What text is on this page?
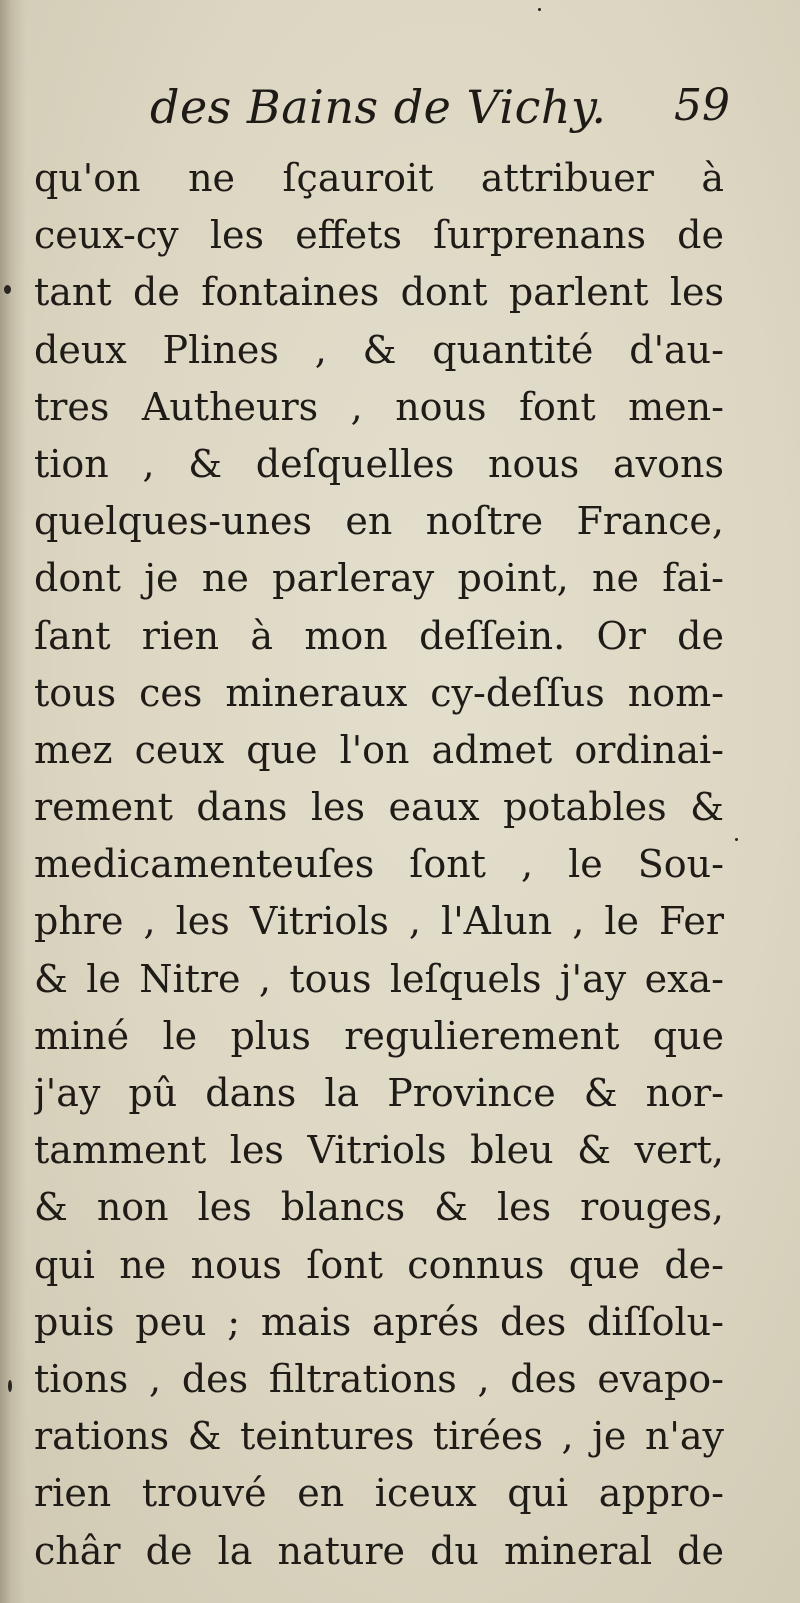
des Bains de Vichy. 59
qu'on ne ſçauroit attribuer à
ceux-cy les effets ſurprenans de
tant de fontaines dont parlent les
deux Plines , & quantité d'au-
tres Autheurs , nous font men-
tion , & deſquelles nous avons
quelques-unes en noſtre France,
dont je ne parleray point, ne fai-
ſant rien à mon deſſein. Or de
tous ces mineraux cy-deſſus nom-
mez ceux que l'on admet ordinai-
rement dans les eaux potables &
medicamenteuſes ſont , le Sou-
phre , les Vitriols , l'Alun , le Fer
& le Nitre , tous leſquels j'ay exa-
miné le plus regulierement que
j'ay pû dans la Province & nor-
tamment les Vitriols bleu & vert,
& non les blancs & les rouges,
qui ne nous ſont connus que de-
puis peu ; mais aprés des diſſolu-
tions , des filtrations , des evapo-
rations & teintures tirées , je n'ay
rien trouvé en iceux qui appro-
châr de la nature du mineral de
